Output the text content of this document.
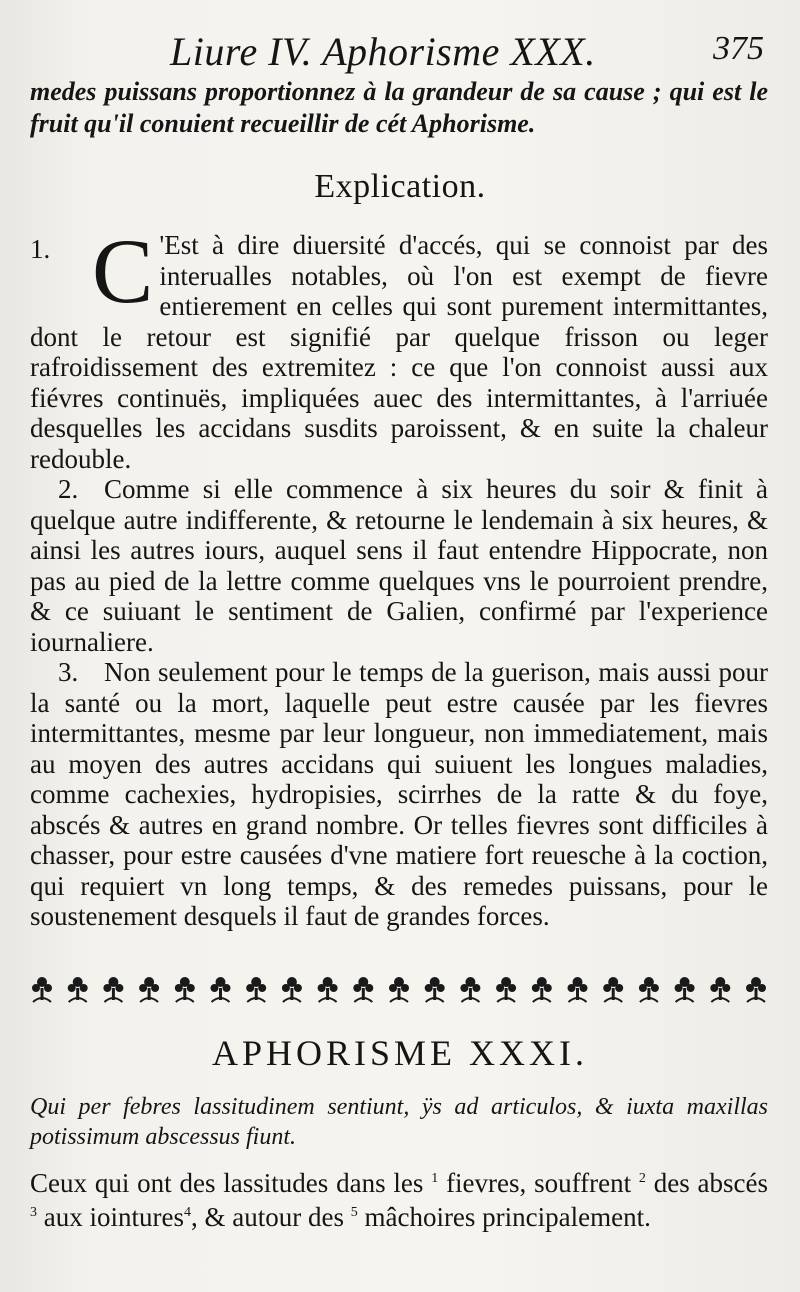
Liure IV. Aphorisme XXX.	375
medes puissans proportionnez à la grandeur de sa cause ; qui est le fruit qu'il conuient recueillir de cét Aphorisme.
Explication.

1. C 'Est à dire diuersité d'accés, qui se connoist par des interualles notables, où l'on est exempt de fievre entierement en celles qui sont purement intermittantes, dont le retour est signifié par quelque frisson ou leger rafroidissement des extremitez : ce que l'on connoist aussi aux fiévres continuës, impliquées auec des intermittantes, à l'arriuée desquelles les accidans susdits paroissent, & en suite la chaleur redouble.

2. Comme si elle commence à six heures du soir & finit à quelque autre indifferente, & retourne le lendemain à six heures, & ainsi les autres iours, auquel sens il faut entendre Hippocrate, non pas au pied de la lettre comme quelques vns le pourroient prendre, & ce suiuant le sentiment de Galien, confirmé par l'experience iournaliere.

3. Non seulement pour le temps de la guerison, mais aussi pour la santé ou la mort, laquelle peut estre causée par les fievres intermittantes, mesme par leur longueur, non immediatement, mais au moyen des autres accidans qui suiuent les longues maladies, comme cachexies, hydropisies, scirrhes de la ratte & du foye, abscés & autres en grand nombre. Or telles fievres sont difficiles à chasser, pour estre causées d'vne matiere fort reuesche à la coction, qui requiert vn long temps, & des remedes puissans, pour le soustenement desquels il faut de grandes forces.

APHORISME XXXI.
Qui per febres lassitudinem sentiunt, ÿs ad articulos, & iuxta maxillas potissimum abscessus fiunt.
Ceux qui ont des lassitudes dans les $^1$ fievres, souffrent $^2$ des abscés $^3$ aux iointures$^4$, & autour des $^5$ mâchoires principalement.
